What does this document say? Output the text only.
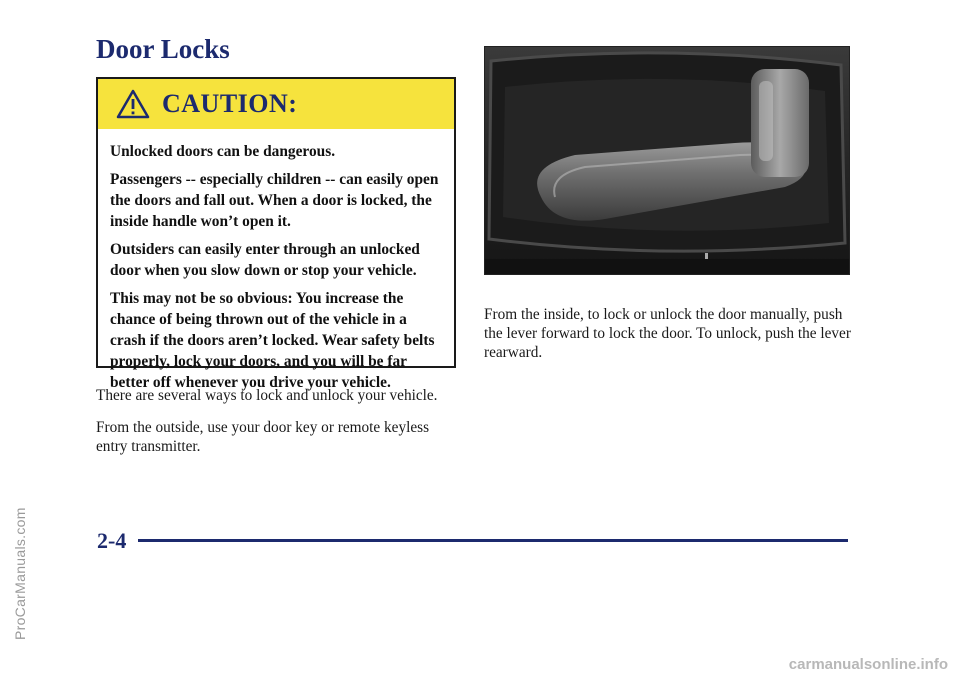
Door Locks
CAUTION:

Unlocked doors can be dangerous.

Passengers -- especially children -- can easily open the doors and fall out. When a door is locked, the inside handle won’t open it.

Outsiders can easily enter through an unlocked door when you slow down or stop your vehicle.

This may not be so obvious: You increase the chance of being thrown out of the vehicle in a crash if the doors aren’t locked. Wear safety belts properly, lock your doors, and you will be far better off whenever you drive your vehicle.

There are several ways to lock and unlock your vehicle.
From the outside, use your door key or remote keyless entry transmitter.
From the inside, to lock or unlock the door manually, push the lever forward to lock the door. To unlock, push the lever rearward.
2-4
ProCarManuals.com
carmanualsonline.info
